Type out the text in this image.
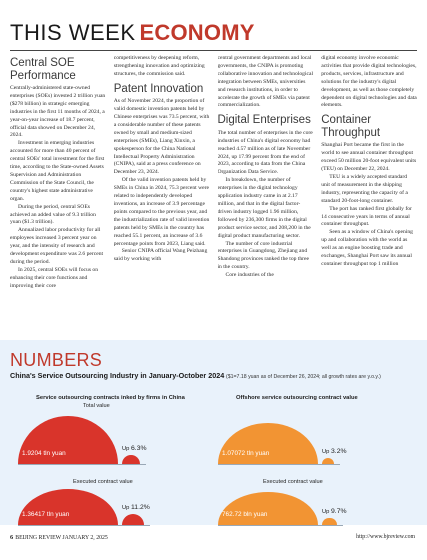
THIS WEEK ECONOMY
Central SOE Performance

Centrally-administered state-owned enterprises (SOEs) invested 2 trillion yuan ($278 billion) in strategic emerging industries in the first 11 months of 2024, a year-on-year increase of 18.7 percent, official data showed on December 24, 2024.

Investment in emerging industries accounted for more than 40 percent of central SOEs' total investment for the first time, according to the State-owned Assets Supervision and Administration Commission of the State Council, the country's highest state administrative organ.

During the period, central SOEs achieved an added value of 9.3 trillion yuan ($1.3 trillion).

Annualized labor productivity for all employees increased 3 percent year on year, and the intensity of research and development expenditure was 2.6 percent during the period.

In 2025, central SOEs will focus on enhancing their core functions and improving their core

competitiveness by deepening reform, strengthening innovation and optimizing structures, the commission said.

Patent Innovation

As of November 2024, the proportion of valid domestic invention patents held by Chinese enterprises was 73.5 percent, with a considerable number of these patents owned by small and medium-sized enterprises (SMEs), Liang Xinxin, a spokesperson for the China National Intellectual Property Administration (CNIPA), said at a press conference on December 23, 2024.

Of the valid invention patents held by SMEs in China in 2024, 75.3 percent were related to independently developed inventions, an increase of 3.9 percentage points compared to the previous year, and the industrialization rate of valid invention patents held by SMEs in the country has reached 55.1 percent, an increase of 3.6 percentage points from 2023, Liang said.

Senior CNIPA official Wang Peizhang said by working with

central government departments and local governments, the CNIPA is promoting collaborative innovation and technological integration between SMEs, universities and research institutions, in order to accelerate the growth of SMEs via patent commercialization.

Digital Enterprises

The total number of enterprises in the core industries of China's digital economy had reached 4.57 million as of late November 2024, up 17.99 percent from the end of 2023, according to data from the China Organization Data Service.

In breakdown, the number of enterprises in the digital technology application industry came in at 2.17 million, and that in the digital factor-driven industry logged 1.96 million, followed by 236,300 firms in the digital product service sector, and 208,200 in the digital product manufacturing sector.

The number of core industrial enterprises in Guangdong, Zhejiang and Shandong provinces ranked the top three in the country.

Core industries of the

digital economy involve economic activities that provide digital technologies, products, services, infrastructure and solutions for the industry's digital development, as well as those completely dependent on digital technologies and data elements.

Container Throughput

Shanghai Port became the first in the world to see annual container throughput exceed 50 million 20-foot equivalent units (TEU) on December 22, 2024.

TEU is a widely accepted standard unit of measurement in the shipping industry, representing the capacity of a standard 20-foot-long container.

The port has ranked first globally for 14 consecutive years in terms of annual container throughput.

Seen as a window of China's opening up and collaboration with the world as well as an engine boosting trade and exchanges, Shanghai Port saw its annual container throughput top 1 million

NUMBERS
China's Service Outsourcing Industry in January-October 2024 ($1=7.18 yuan as of December 26, 2024; all growth rates are y.o.y.)
Service outsourcing contracts inked by firms in China	Offshore service outsourcing contract value
Total value
Executed contract value	Executed contract value
1.9204 tln yuan
Up 6.3%
1.36417 tln yuan
Up 11.2%
1.07072 tln yuan	Up 3.2%
762.72 bln yuan	Up 9.7%
6 BEIJING REVIEW JANUARY 2, 2025	http://www.bjreview.com
